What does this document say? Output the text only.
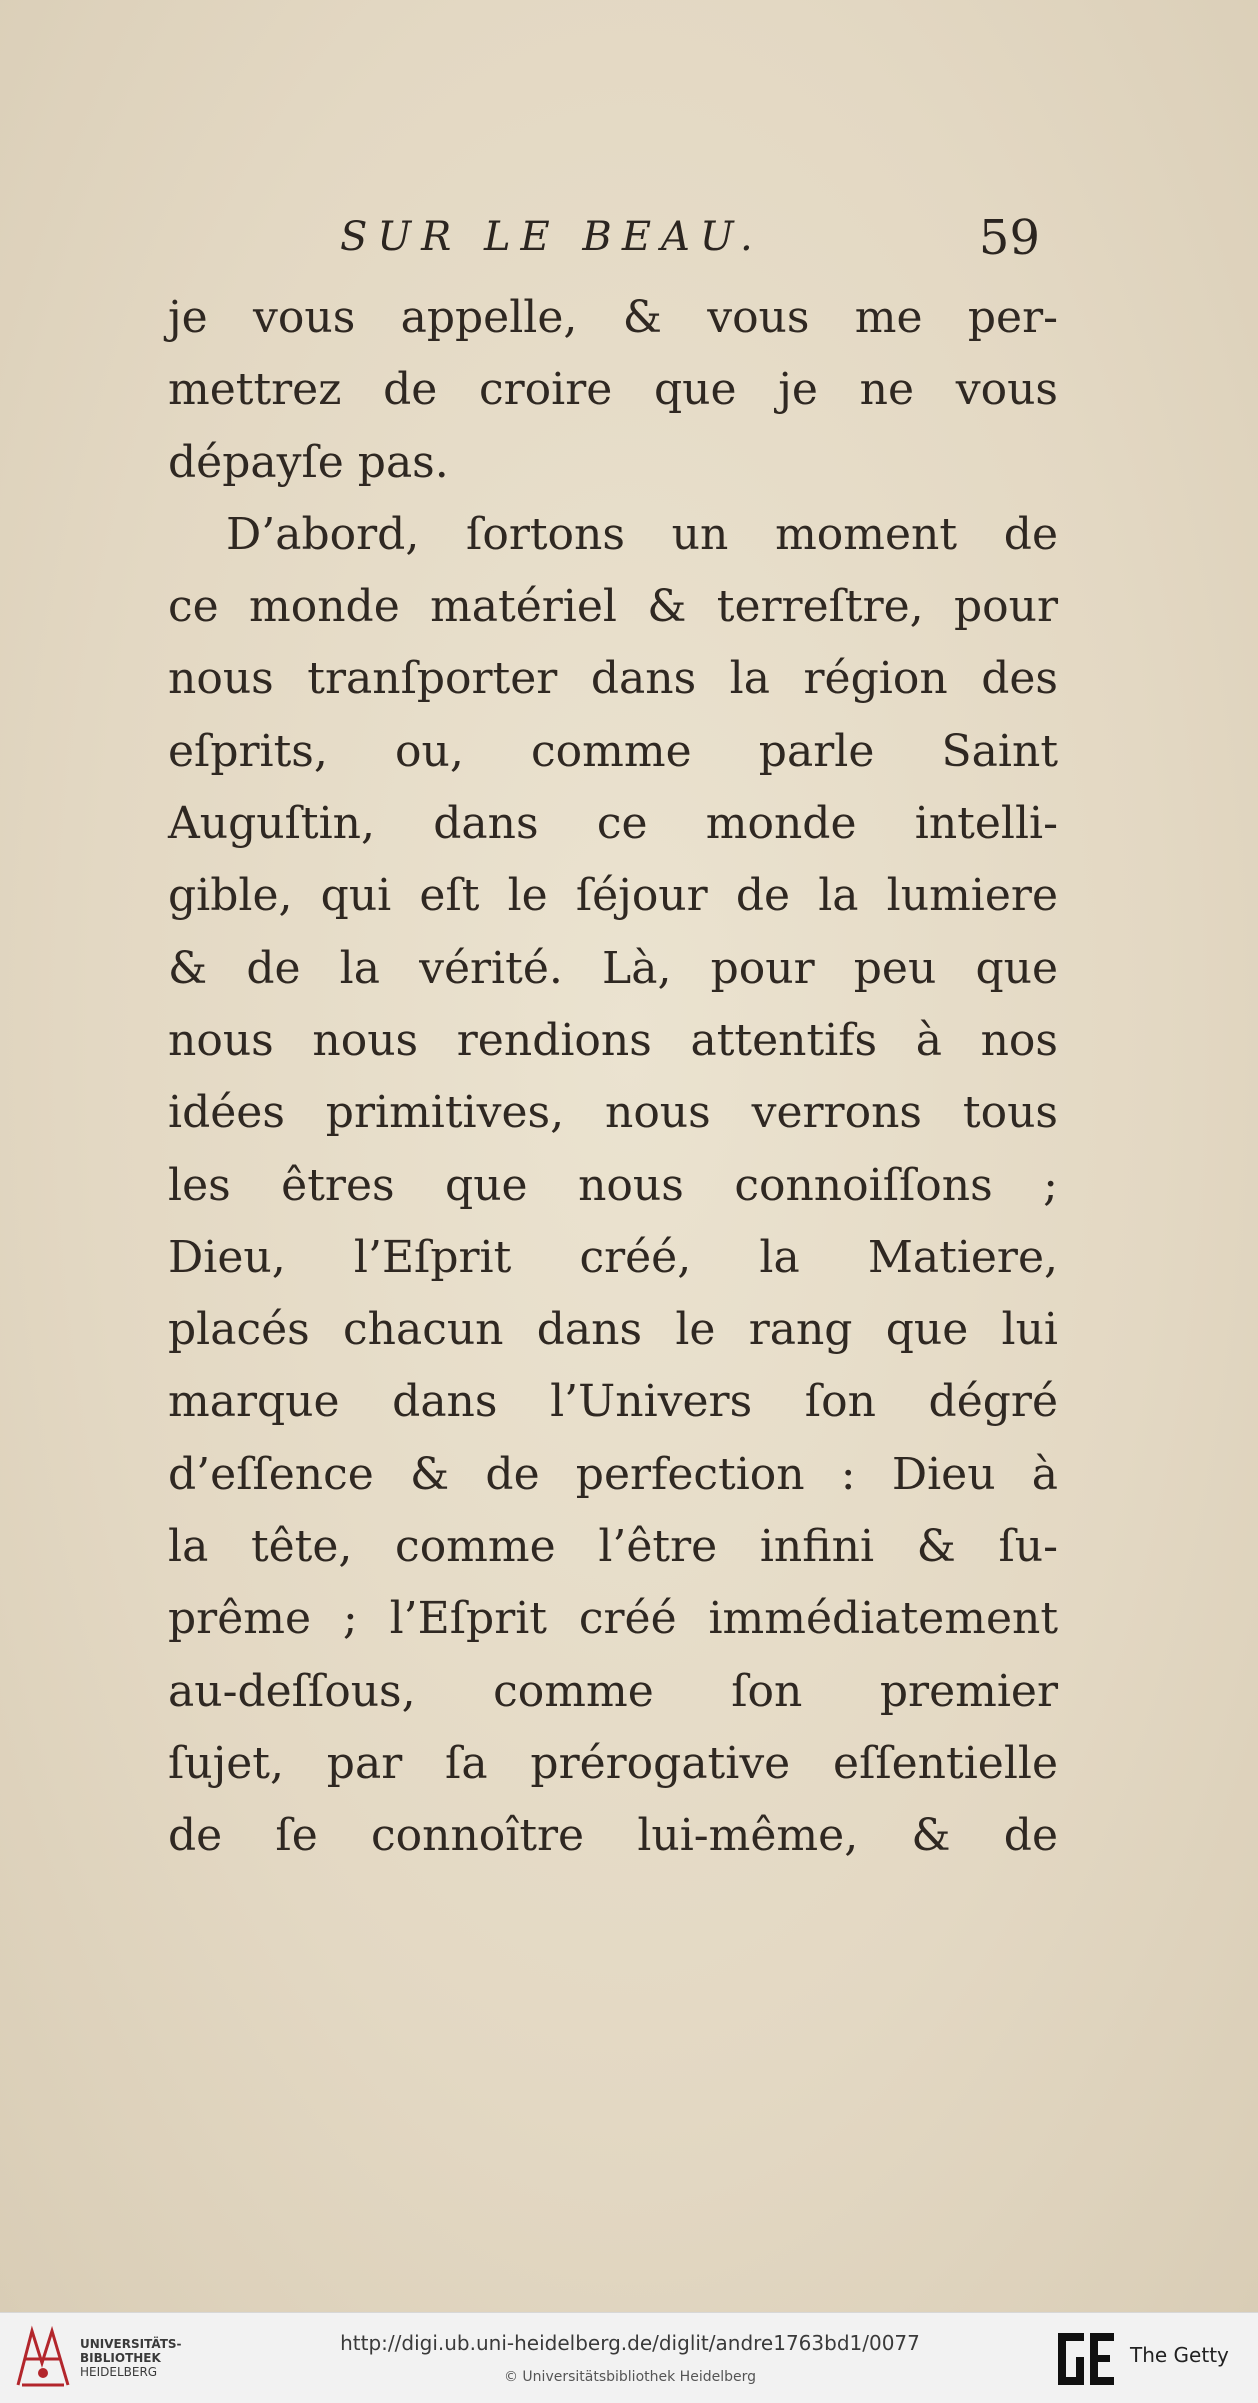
SUR LE BEAU.	59
je vous appelle, & vous me per-
mettrez de croire que je ne vous
dépayſe pas.
D’abord, ſortons un moment de
ce monde matériel & terreſtre, pour
nous tranſporter dans la région des
eſprits, ou, comme parle Saint
Auguſtin, dans ce monde intelli-
gible, qui eſt le ſéjour de la lumiere
& de la vérité. Là, pour peu que
nous nous rendions attentifs à nos
idées primitives, nous verrons tous
les êtres que nous connoiſſons ;
Dieu, l’Eſprit créé, la Matiere,
placés chacun dans le rang que lui
marque dans l’Univers ſon dégré
d’eſſence & de perfection : Dieu à
la tête, comme l’être infini & ſu-
prême ; l’Eſprit créé immédiatement
au-deſſous, comme ſon premier
ſujet, par ſa prérogative eſſentielle
de ſe connoître lui-même, & de
UNIVERSITÄTS-
BIBLIOTHEK
HEIDELBERG
http://digi.ub.uni-heidelberg.de/diglit/andre1763bd1/0077
© Universitätsbibliothek Heidelberg
The Getty
